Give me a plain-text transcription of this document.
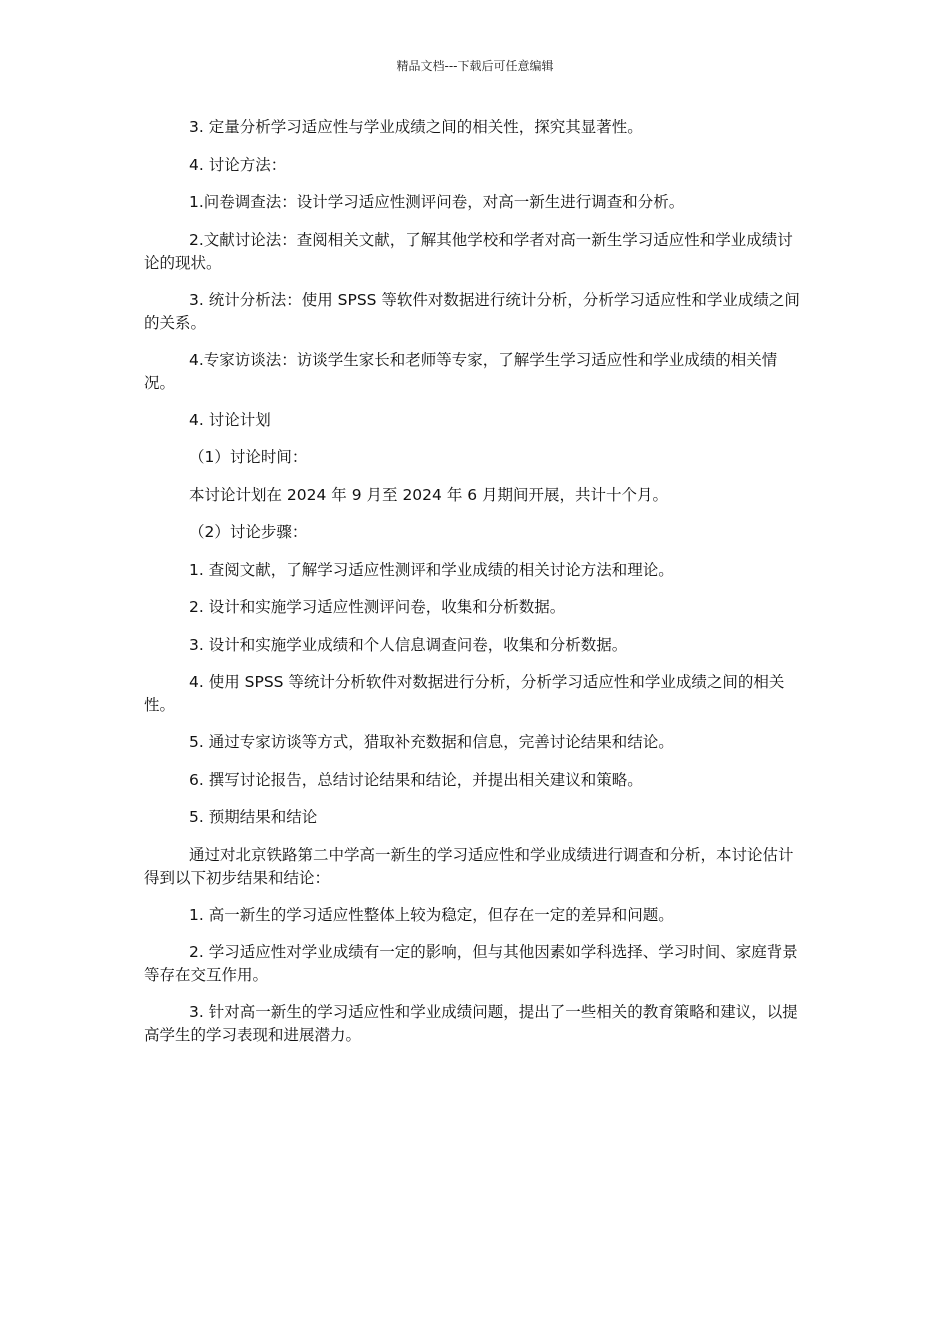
精品文档---下载后可任意编辑

3. 定量分析学习适应性与学业成绩之间的相关性，探究其显著性。

4. 讨论方法：

1.问卷调查法：设计学习适应性测评问卷，对高一新生进行调查和分析。

2.文献讨论法：查阅相关文献，了解其他学校和学者对高一新生学习适应性和学业成绩讨论的现状。

3. 统计分析法：使用 SPSS 等软件对数据进行统计分析，分析学习适应性和学业成绩之间的关系。

4.专家访谈法：访谈学生家长和老师等专家，了解学生学习适应性和学业成绩的相关情况。

4. 讨论计划

（1）讨论时间：

本讨论计划在 2024 年 9 月至 2024 年 6 月期间开展，共计十个月。

（2）讨论步骤：

1. 查阅文献，了解学习适应性测评和学业成绩的相关讨论方法和理论。

2. 设计和实施学习适应性测评问卷，收集和分析数据。

3. 设计和实施学业成绩和个人信息调查问卷，收集和分析数据。

4. 使用 SPSS 等统计分析软件对数据进行分析，分析学习适应性和学业成绩之间的相关性。

5. 通过专家访谈等方式，猎取补充数据和信息，完善讨论结果和结论。

6. 撰写讨论报告，总结讨论结果和结论，并提出相关建议和策略。

5. 预期结果和结论

通过对北京铁路第二中学高一新生的学习适应性和学业成绩进行调查和分析，本讨论估计得到以下初步结果和结论：

1. 高一新生的学习适应性整体上较为稳定，但存在一定的差异和问题。

2. 学习适应性对学业成绩有一定的影响，但与其他因素如学科选择、学习时间、家庭背景等存在交互作用。

3. 针对高一新生的学习适应性和学业成绩问题，提出了一些相关的教育策略和建议，以提高学生的学习表现和进展潜力。
